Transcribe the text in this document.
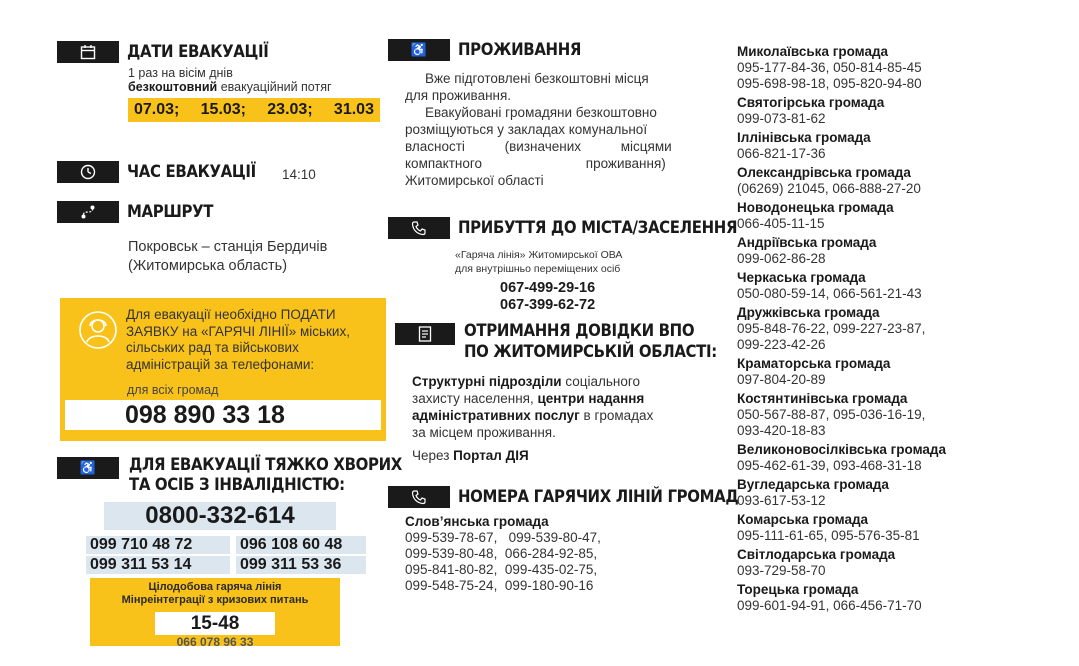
ДАТИ ЕВАКУАЦІЇ
1 раз на вісім днів
безкоштовний евакуаційний потяг
07.03; 15.03; 23.03; 31.03
ЧАС ЕВАКУАЦІЇ 14:10
МАРШРУТ
Покровськ – станція Бердичів
(Житомирська область)
Для евакуації необхідно ПОДАТИ
ЗАЯВКУ на «ГАРЯЧІ ЛІНІЇ» міських,
сільських рад та військових
адміністрацій за телефонами:
для всіх громад
098 890 33 18
♿	ДЛЯ ЕВАКУАЦІЇ ТЯЖКО ХВОРИХ
ТА ОСІБ З ІНВАЛІДНІСТЮ:
0800-332-614
099 710 48 72	096 108 60 48
099 311 53 14	099 311 53 36
Цілодобова гаряча лінія
Мінреінтеграції з кризових питань
15-48
066 078 96 33
♿	ПРОЖИВАННЯ
Вже підготовлені безкоштовні місця
для проживання.
Евакуйовані громадяни безкоштовно
розміщуються у закладах комунальної
власності (визначених місцями
компактного проживання)
Житомирської області
ПРИБУТТЯ ДО МІСТА/ЗАСЕЛЕННЯ
«Гаряча лінія» Житомирської ОВА
для внутрішньо переміщених осіб
067-499-29-16
067-399-62-72
ОТРИМАННЯ ДОВІДКИ ВПО
ПО ЖИТОМИРСЬКІЙ ОБЛАСТІ:
Структурні підрозділи соціального
захисту населення, центри надання
адміністративних послуг в громадах
за місцем проживання.
Через Портал ДІЯ
НОМЕРА ГАРЯЧИХ ЛІНІЙ ГРОМАД
Слов’янська громада
099-539-78-67,   099-539-80-47,
099-539-80-48,  066-284-92-85,
095-841-80-82,  099-435-02-75,
099-548-75-24,  099-180-90-16
Миколаївська громада
095-177-84-36, 050-814-85-45
095-698-98-18, 095-820-94-80
Святогірська громада
099-073-81-62
Іллінівська громада
066-821-17-36
Олександрівська громада
(06269) 21045, 066-888-27-20
Новодонецька громада
066-405-11-15
Андріївська громада
099-062-86-28
Черкаська громада
050-080-59-14, 066-561-21-43
Дружківська громада
095-848-76-22, 099-227-23-87,
099-223-42-26
Краматорська громада
097-804-20-89
Костянтинівська громада
050-567-88-87, 095-036-16-19,
093-420-18-83
Великоновосілківська громада
095-462-61-39, 093-468-31-18
Вугледарська громада
093-617-53-12
Комарська громада
095-111-61-65, 095-576-35-81
Світлодарська громада
093-729-58-70
Торецька громада
099-601-94-91, 066-456-71-70
